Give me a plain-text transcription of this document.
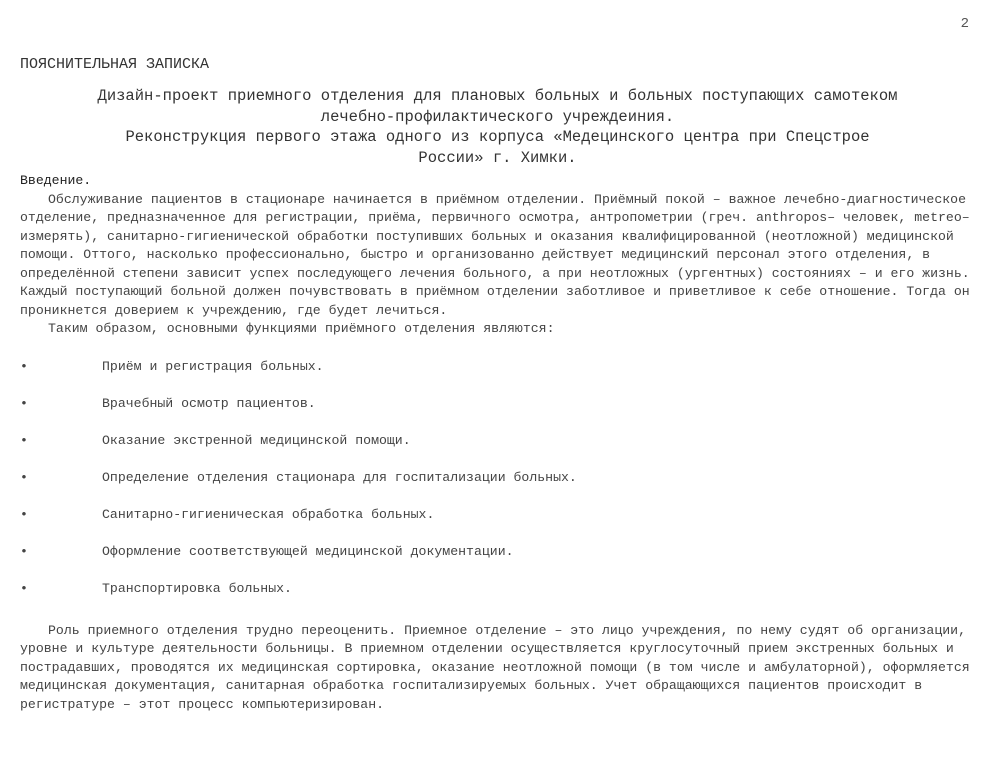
2
ПОЯСНИТЕЛЬНАЯ ЗАПИСКА
Дизайн-проект приемного отделения для плановых больных и больных поступающих самотеком
лечебно-профилактического учреждеиния.
Реконструкция первого этажа одного из корпуса «Медецинского центра при Спецстрое
России» г. Химки.
Введение.

Обслуживание пациентов в стационаре начинается в приёмном отделении. Приёмный покой – важное лечебно-диагностическое отделение, предназначенное для регистрации, приёма, первичного осмотра, антропометрии (греч. anthropos– человек, metreo– измерять), санитарно-гигиенической обработки поступивших больных и оказания квалифицированной (неотложной) медицинской помощи. Оттого, насколько профессионально, быстро и организованно действует медицинский персонал этого отделения, в определённой степени зависит успех последующего лечения больного, а при неотложных (ургентных) состояниях – и его жизнь. Каждый поступающий больной должен почувствовать в приёмном отделении заботливое и приветливое к себе отношение. Тогда он проникнется доверием к учреждению, где будет лечиться.

Таким образом, основными функциями приёмного отделения являются:

•	Приём и регистрация больных.
•	Врачебный осмотр пациентов.
•	Оказание экстренной медицинской помощи.
•	Определение отделения стационара для госпитализации больных.
•	Санитарно-гигиеническая обработка больных.
•	Оформление соответствующей медицинской документации.
•	Транспортировка больных.

Роль приемного отделения трудно переоценить. Приемное отделение – это лицо учреждения, по нему судят об организации, уровне и культуре деятельности больницы. В приемном отделении осуществляется круглосуточный прием экстренных больных и пострадавших, проводятся их медицинская сортировка, оказание неотложной помощи (в том числе и амбулаторной), оформляется медицинская документация, санитарная обработка госпитализируемых больных. Учет обращающихся пациентов происходит в регистратуре – этот процесс компьютеризирован.
